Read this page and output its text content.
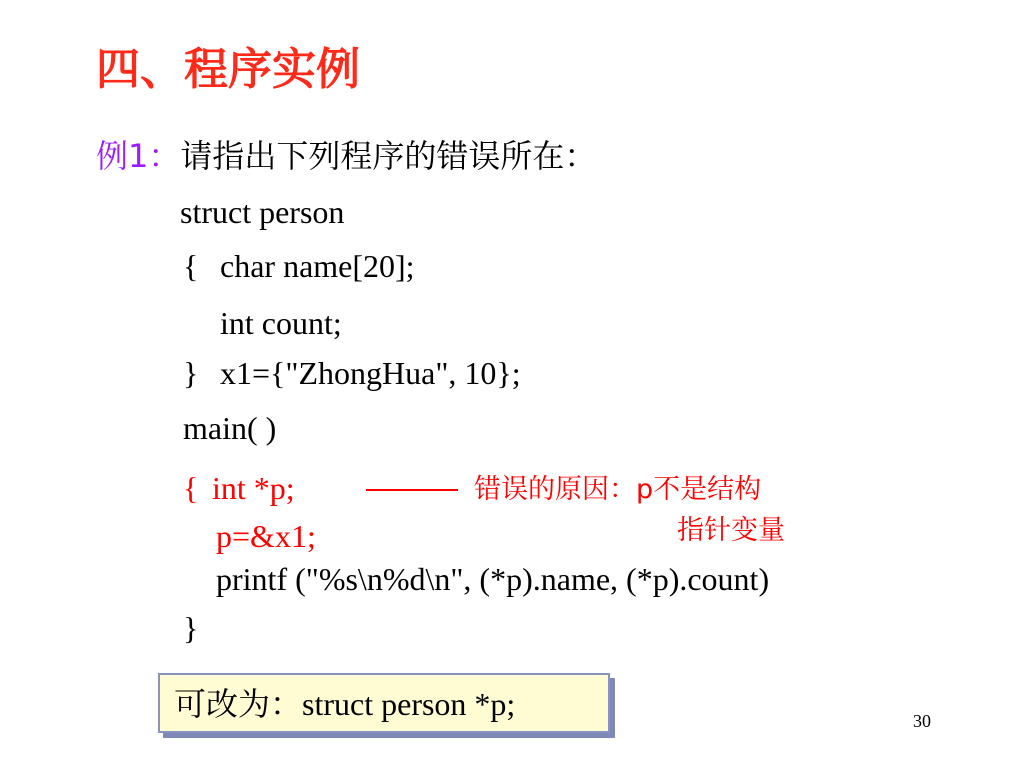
四、程序实例
例1：请指出下列程序的错误所在：
struct person
{ char name[20];
int count;
} x1={"ZhongHua", 10};
main( )
{ int *p;	错误的原因：p不是结构
指针变量
p=&x1;
printf ("%s\n%d\n", (*p).name, (*p).count)
}
可改为：struct person *p;	30
